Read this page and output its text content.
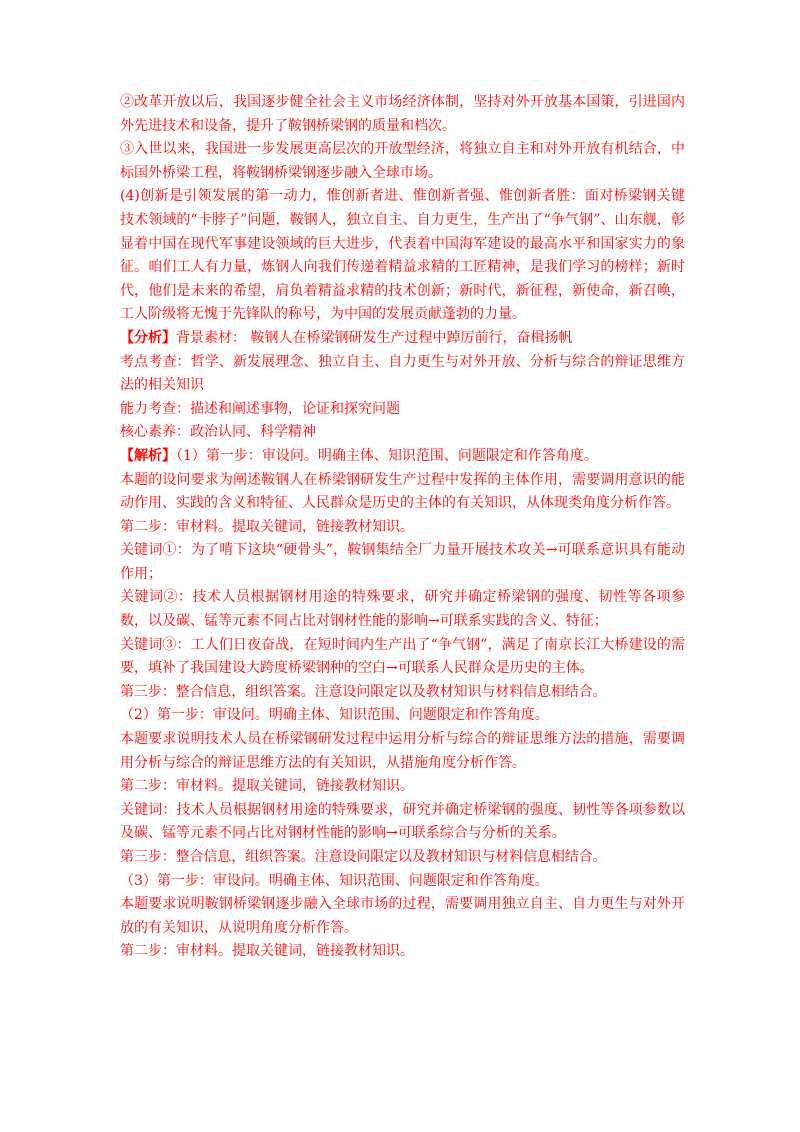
②改革开放以后，我国逐步健全社会主义市场经济体制，坚持对外开放基本国策，引进国内外先进技术和设备，提升了鞍钢桥梁钢的质量和档次。

③入世以来，我国进一步发展更高层次的开放型经济，将独立自主和对外开放有机结合，中标国外桥梁工程，将鞍钢桥梁钢逐步融入全球市场。

(4)创新是引领发展的第一动力，惟创新者进、惟创新者强、惟创新者胜：面对桥梁钢关键技术领域的“卡脖子”问题，鞍钢人，独立自主、自力更生，生产出了“争气钢”、山东舰，彰显着中国在现代军事建设领域的巨大进步，代表着中国海军建设的最高水平和国家实力的象征。咱们工人有力量，炼钢人向我们传递着精益求精的工匠精神，是我们学习的榜样；新时代，他们是未来的希望，肩负着精益求精的技术创新；新时代，新征程，新使命，新召唤，工人阶级将无愧于先锋队的称号，为中国的发展贡献蓬勃的力量。

【分析】背景素材： 鞍钢人在桥梁钢研发生产过程中踔厉前行，奋楫扬帆

考点考查：哲学、新发展理念、独立自主、自力更生与对外开放、分析与综合的辩证思维方法的相关知识

能力考查：描述和阐述事物，论证和探究问题

核心素养：政治认同、科学精神

【解析】（1）第一步：审设问。明确主体、知识范围、问题限定和作答角度。

本题的设问要求为阐述鞍钢人在桥梁钢研发生产过程中发挥的主体作用，需要调用意识的能动作用、实践的含义和特征、人民群众是历史的主体的有关知识，从体现类角度分析作答。

第二步：审材料。提取关键词，链接教材知识。

关键词①：为了啃下这块“硬骨头”，鞍钢集结全厂力量开展技术攻关→可联系意识具有能动作用；

关键词②：技术人员根据钢材用途的特殊要求，研究并确定桥梁钢的强度、韧性等各项参数，以及碳、锰等元素不同占比对钢材性能的影响→可联系实践的含义、特征；

关键词③：工人们日夜奋战，在短时间内生产出了“争气钢”，满足了南京长江大桥建设的需要，填补了我国建设大跨度桥梁钢种的空白→可联系人民群众是历史的主体。

第三步：整合信息，组织答案。注意设问限定以及教材知识与材料信息相结合。

（2）第一步：审设问。明确主体、知识范围、问题限定和作答角度。

本题要求说明技术人员在桥梁钢研发过程中运用分析与综合的辩证思维方法的措施，需要调用分析与综合的辩证思维方法的有关知识，从措施角度分析作答。

第二步：审材料。提取关键词，链接教材知识。

关键词：技术人员根据钢材用途的特殊要求，研究并确定桥梁钢的强度、韧性等各项参数以及碳、锰等元素不同占比对钢材性能的影响→可联系综合与分析的关系。

第三步：整合信息，组织答案。注意设问限定以及教材知识与材料信息相结合。

（3）第一步：审设问。明确主体、知识范围、问题限定和作答角度。

本题要求说明鞍钢桥梁钢逐步融入全球市场的过程，需要调用独立自主、自力更生与对外开放的有关知识，从说明角度分析作答。

第二步：审材料。提取关键词，链接教材知识。
